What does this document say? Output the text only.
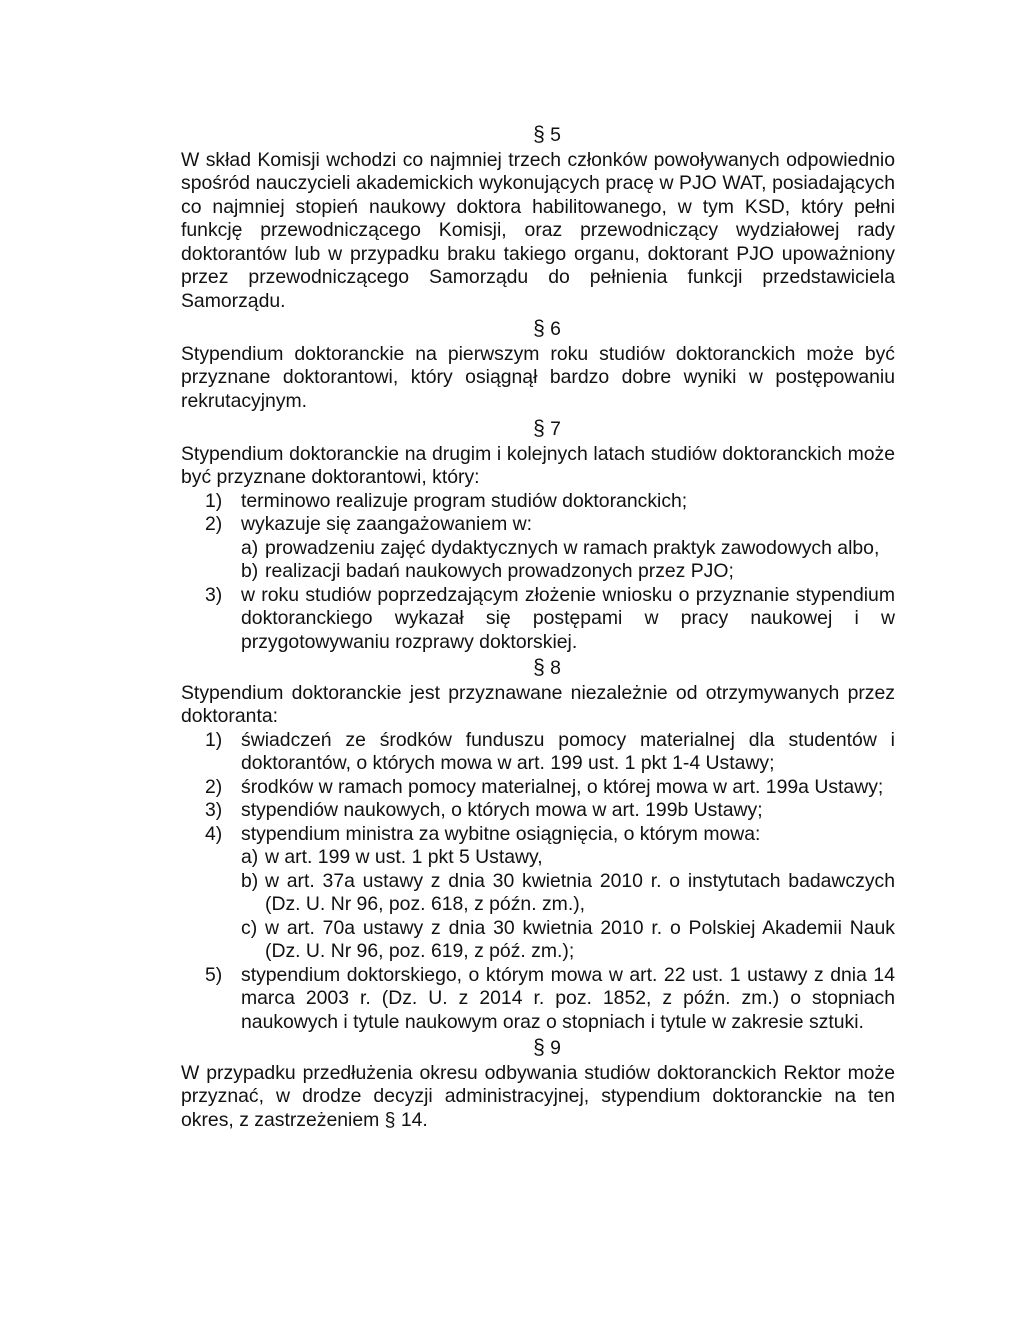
§ 5

W skład Komisji wchodzi co najmniej trzech członków powoływanych odpowiednio spośród nauczycieli akademickich wykonujących pracę w PJO WAT, posiadających co najmniej stopień naukowy doktora habilitowanego, w tym KSD, który pełni funkcję przewodniczącego Komisji, oraz przewodniczący wydziałowej rady doktorantów lub w przypadku braku takiego organu, doktorant PJO upoważniony przez przewodniczącego Samorządu do pełnienia funkcji przedstawiciela Samorządu.

§ 6

Stypendium doktoranckie na pierwszym roku studiów doktoranckich może być przyznane doktorantowi, który osiągnął bardzo dobre wyniki w postępowaniu rekrutacyjnym.

§ 7

Stypendium doktoranckie na drugim i kolejnych latach studiów doktoranckich może być przyznane doktorantowi, który:

1) terminowo realizuje program studiów doktoranckich;
2) wykazuje się zaangażowaniem w:
a) prowadzeniu zajęć dydaktycznych w ramach praktyk zawodowych albo,
b) realizacji badań naukowych prowadzonych przez PJO;
3) w roku studiów poprzedzającym złożenie wniosku o przyznanie stypendium doktoranckiego wykazał się postępami w pracy naukowej i w przygotowywaniu rozprawy doktorskiej.
§ 8

Stypendium doktoranckie jest przyznawane niezależnie od otrzymywanych przez doktoranta:

1) świadczeń ze środków funduszu pomocy materialnej dla studentów i doktorantów, o których mowa w art. 199 ust. 1 pkt 1-4 Ustawy;
2) środków w ramach pomocy materialnej, o której mowa w art. 199a Ustawy;
3) stypendiów naukowych, o których mowa w art. 199b Ustawy;
4) stypendium ministra za wybitne osiągnięcia, o którym mowa:
a) w art. 199 w ust. 1 pkt 5 Ustawy,
b) w art. 37a ustawy z dnia 30 kwietnia 2010 r. o instytutach badawczych (Dz. U. Nr 96, poz. 618, z późn. zm.),
c) w art. 70a ustawy z dnia 30 kwietnia 2010 r. o Polskiej Akademii Nauk (Dz. U. Nr 96, poz. 619, z póź. zm.);
5) stypendium doktorskiego, o którym mowa w art. 22 ust. 1 ustawy z dnia 14 marca 2003 r. (Dz. U. z 2014 r. poz. 1852, z późn. zm.) o stopniach naukowych i tytule naukowym oraz o stopniach i tytule w zakresie sztuki.
§ 9

W przypadku przedłużenia okresu odbywania studiów doktoranckich Rektor może przyznać, w drodze decyzji administracyjnej, stypendium doktoranckie na ten okres, z zastrzeżeniem § 14.
